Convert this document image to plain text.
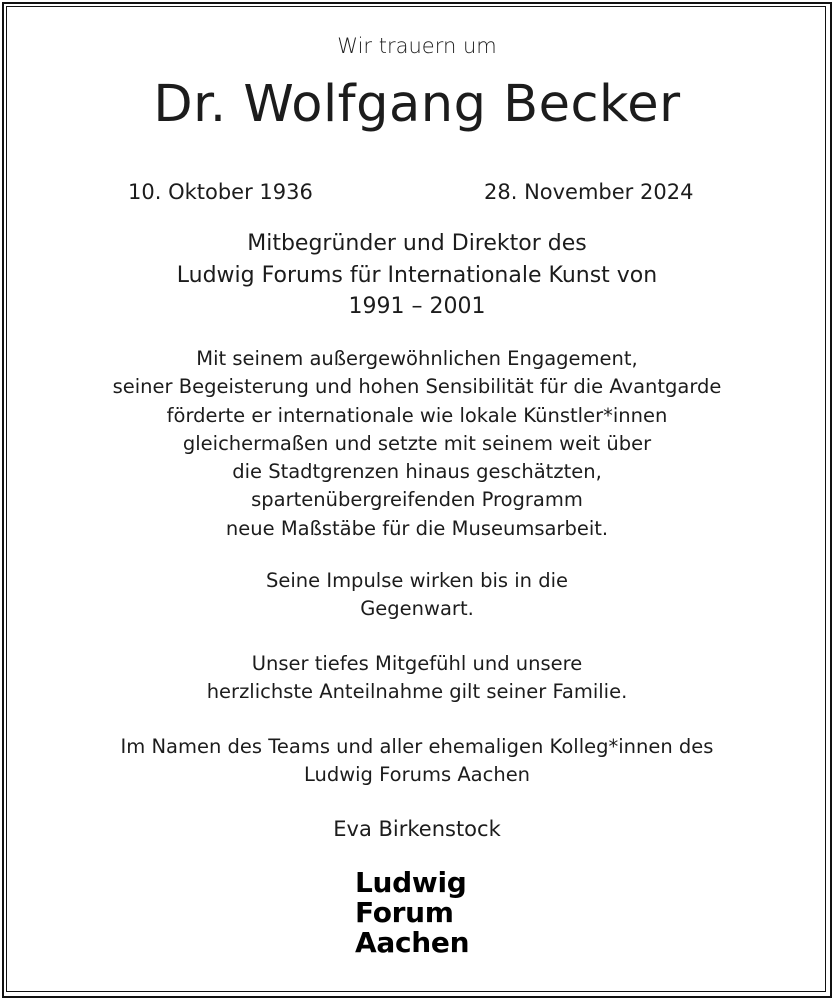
Wir trauern um
Dr. Wolfgang Becker
10. Oktober 1936	28. November 2024
Mitbegründer und Direktor des
Ludwig Forums für Internationale Kunst von
1991 – 2001
Mit seinem außergewöhnlichen Engagement,
seiner Begeisterung und hohen Sensibilität für die Avantgarde
förderte er internationale wie lokale Künstler*innen
gleichermaßen und setzte mit seinem weit über
die Stadtgrenzen hinaus geschätzten,
spartenübergreifenden Programm
neue Maßstäbe für die Museumsarbeit.
Seine Impulse wirken bis in die
Gegenwart.
Unser tiefes Mitgefühl und unsere
herzlichste Anteilnahme gilt seiner Familie.
Im Namen des Teams und aller ehemaligen Kolleg*innen des
Ludwig Forums Aachen
Eva Birkenstock
Ludwig
Forum
Aachen
